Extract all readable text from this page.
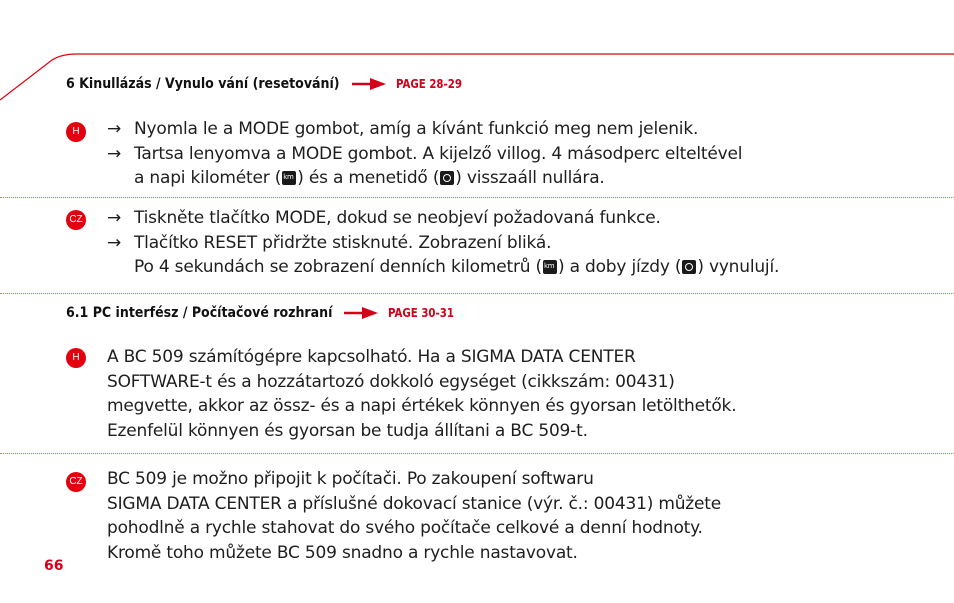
6 Kinullázás / Vynulo vání (resetování)	PAGE 28-29
H	→ Nyomla le a MODE gombot, amíg a kívánt funkció meg nem jelenik.
→ Tartsa lenyomva a MODE gombot. A kijelző villog. 4 másodperc elteltével
a napi kilométer ( km ) és a menetidő ( ) visszaáll nullára.
CZ → Tiskněte tlačítko MODE, dokud se neobjeví požadovaná funkce.
→ Tlačítko RESET přidržte stisknuté. Zobrazení bliká.
Po 4 sekundách se zobrazení denních kilometrů ( km ) a doby jízdy ( ) vynulují.
6.1 PC interfész / Počítačové rozhraní	PAGE 30-31
H	A BC 509 számítógépre kapcsolható. Ha a SIGMA DATA CENTER
SOFTWARE-t és a hozzátartozó dokkoló egységet (cikkszám: 00431)
megvette, akkor az össz- és a napi értékek könnyen és gyorsan letölthetők.
Ezenfelül könnyen és gyorsan be tudja állítani a BC 509-t.
CZ BC 509 je možno připojit k počítači. Po zakoupení softwaru
SIGMA DATA CENTER a příslušné dokovací stanice (výr. č.: 00431) můžete
pohodlně a rychle stahovat do svého počítače celkové a denní hodnoty.
Kromě toho můžete BC 509 snadno a rychle nastavovat.
66
